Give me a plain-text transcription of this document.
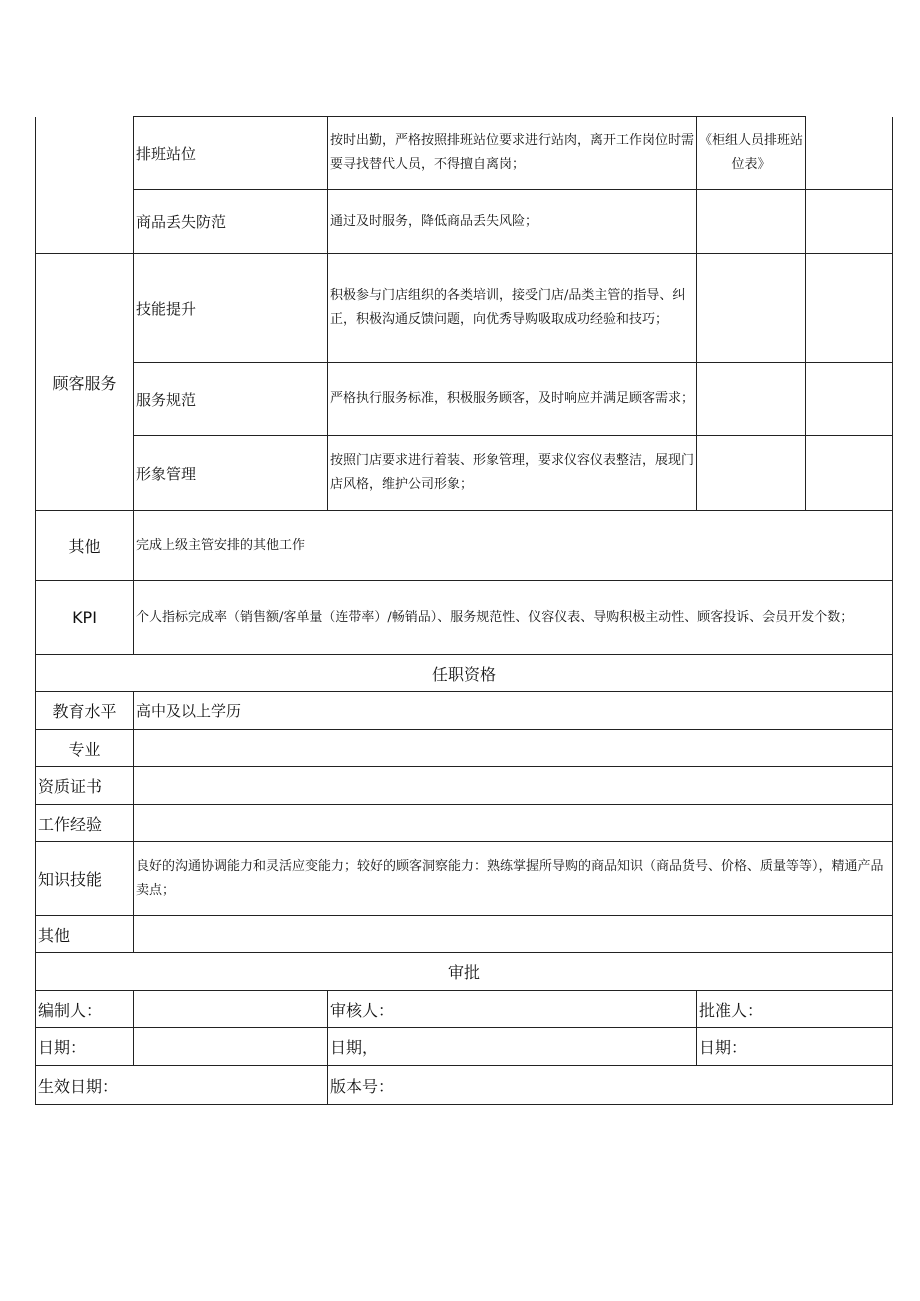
	排班站位	按时出勤，严格按照排班站位要求进行站肉，离开工作岗位时需要寻找替代人员，不得擅自离岗；	《柜组人员排班站位表》	
	商品丢失防范	通过及时服务，降低商品丢失风险；		
顾客服务	技能提升	积极参与门店组织的各类培训，接受门店/品类主管的指导、纠正，积极沟通反馈问题，向优秀导购吸取成功经验和技巧；		
	服务规范	严格执行服务标准，积极服务顾客，及时响应并满足顾客需求；		
	形象管理	按照门店要求进行着装、形象管理，要求仪容仪表整洁，展现门店风格，维护公司形象；		
其他	完成上级主管安排的其他工作			
KPI	个人指标完成率（销售额/客单量（连带率）/畅销品）、服务规范性、仪容仪表、导购积极主动性、顾客投诉、会员开发个数；			
任职资格				
教育水平	高中及以上学历			
专业				
资质证书				
工作经验				
知识技能	良好的沟通协调能力和灵活应变能力；较好的顾客洞察能力：熟练掌握所导购的商品知识（商品货号、价格、质量等等），精通产品卖点；			
其他				
审批				
编制人：		审核人：	批准人：	
日期：		日期，	日期：	
生效日期：		版本号：		
